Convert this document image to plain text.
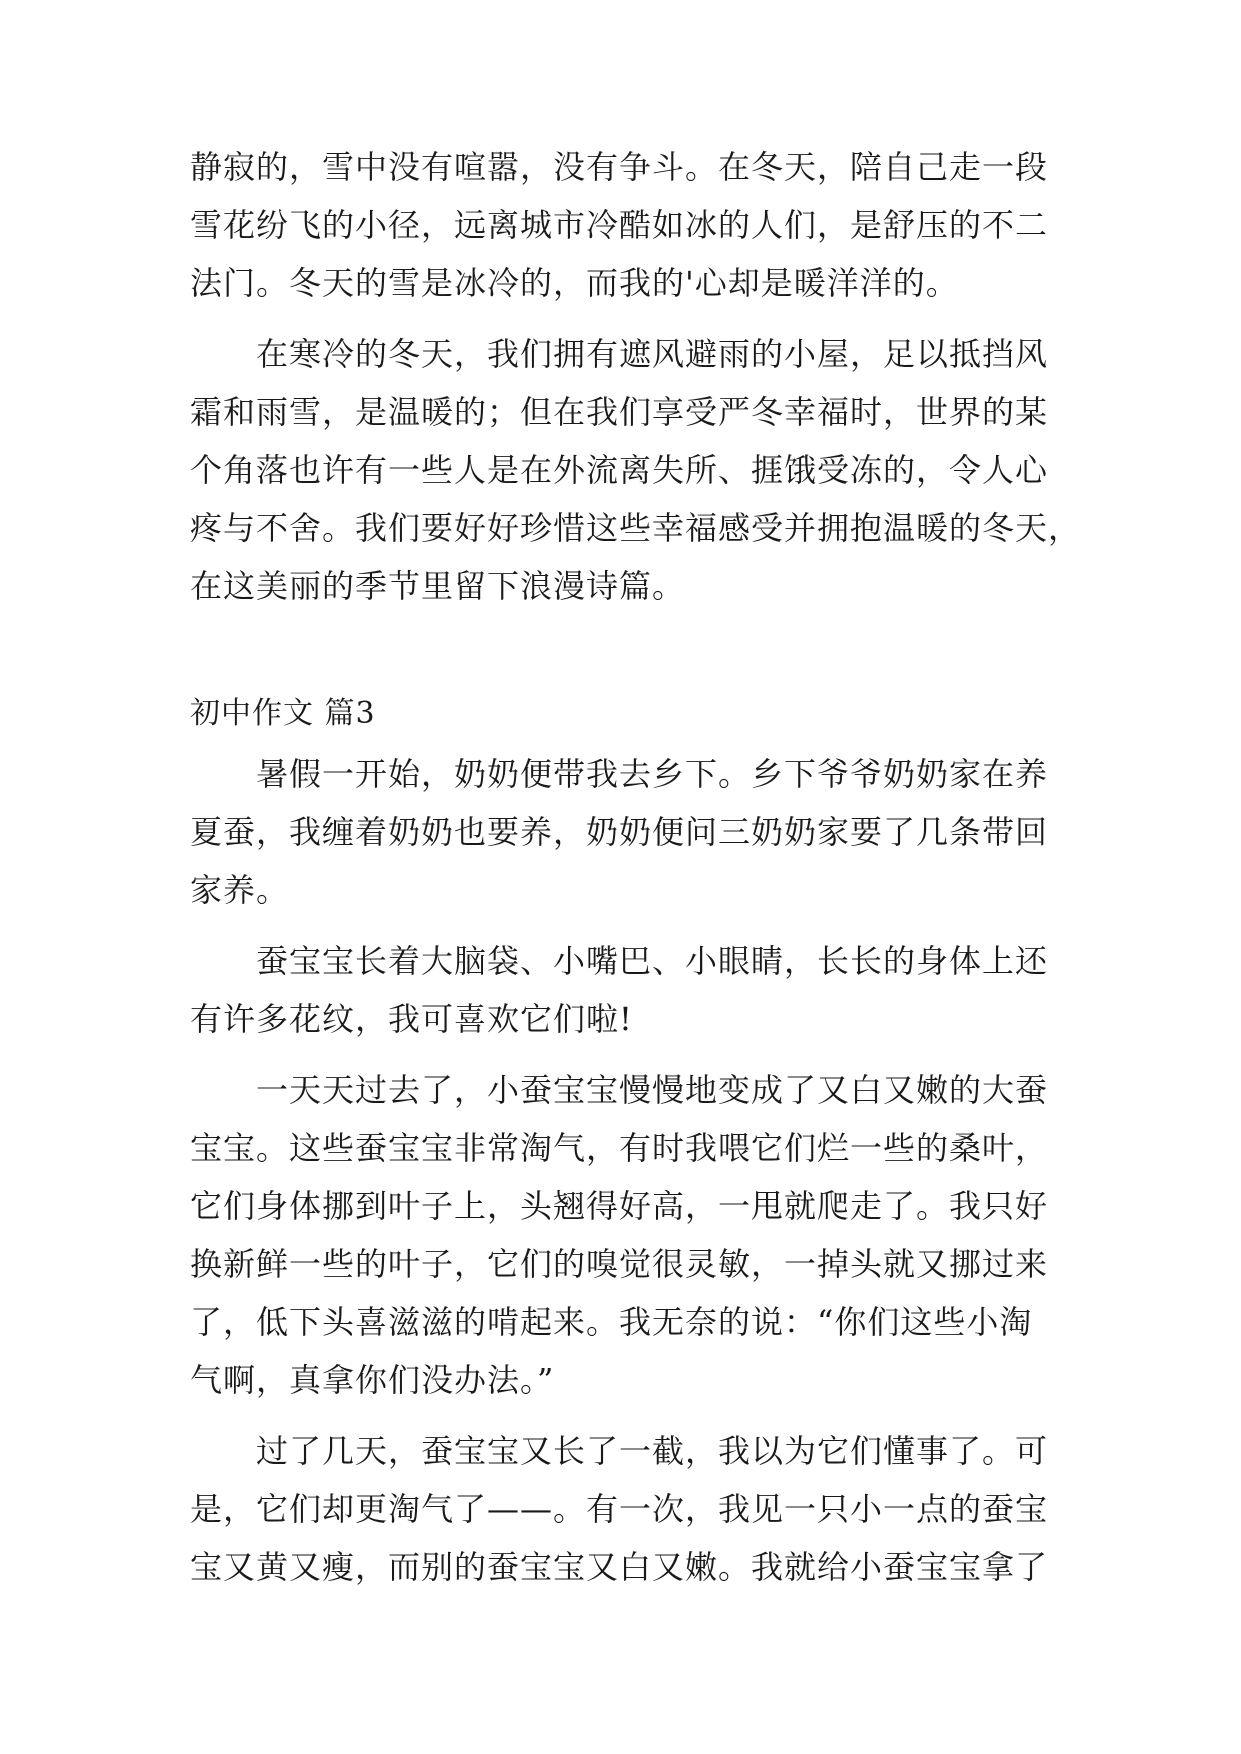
静寂的，雪中没有喧嚣，没有争斗。在冬天，陪自己走一段
雪花纷飞的小径，远离城市冷酷如冰的人们，是舒压的不二
法门。冬天的雪是冰冷的，而我的'心却是暖洋洋的。
在寒冷的冬天，我们拥有遮风避雨的小屋，足以抵挡风
霜和雨雪，是温暖的；但在我们享受严冬幸福时，世界的某
个角落也许有一些人是在外流离失所、捱饿受冻的，令人心
疼与不舍。我们要好好珍惜这些幸福感受并拥抱温暖的冬天，
在这美丽的季节里留下浪漫诗篇。
初中作文 篇3
暑假一开始，奶奶便带我去乡下。乡下爷爷奶奶家在养
夏蚕，我缠着奶奶也要养，奶奶便问三奶奶家要了几条带回
家养。
蚕宝宝长着大脑袋、小嘴巴、小眼睛，长长的身体上还
有许多花纹，我可喜欢它们啦!
一天天过去了，小蚕宝宝慢慢地变成了又白又嫩的大蚕
宝宝。这些蚕宝宝非常淘气，有时我喂它们烂一些的桑叶，
它们身体挪到叶子上，头翘得好高，一甩就爬走了。我只好
换新鲜一些的叶子，它们的嗅觉很灵敏，一掉头就又挪过来
了，低下头喜滋滋的啃起来。我无奈的说：“你们这些小淘
气啊，真拿你们没办法。”
过了几天，蚕宝宝又长了一截，我以为它们懂事了。可
是，它们却更淘气了——。有一次，我见一只小一点的蚕宝
宝又黄又瘦，而别的蚕宝宝又白又嫩。我就给小蚕宝宝拿了
